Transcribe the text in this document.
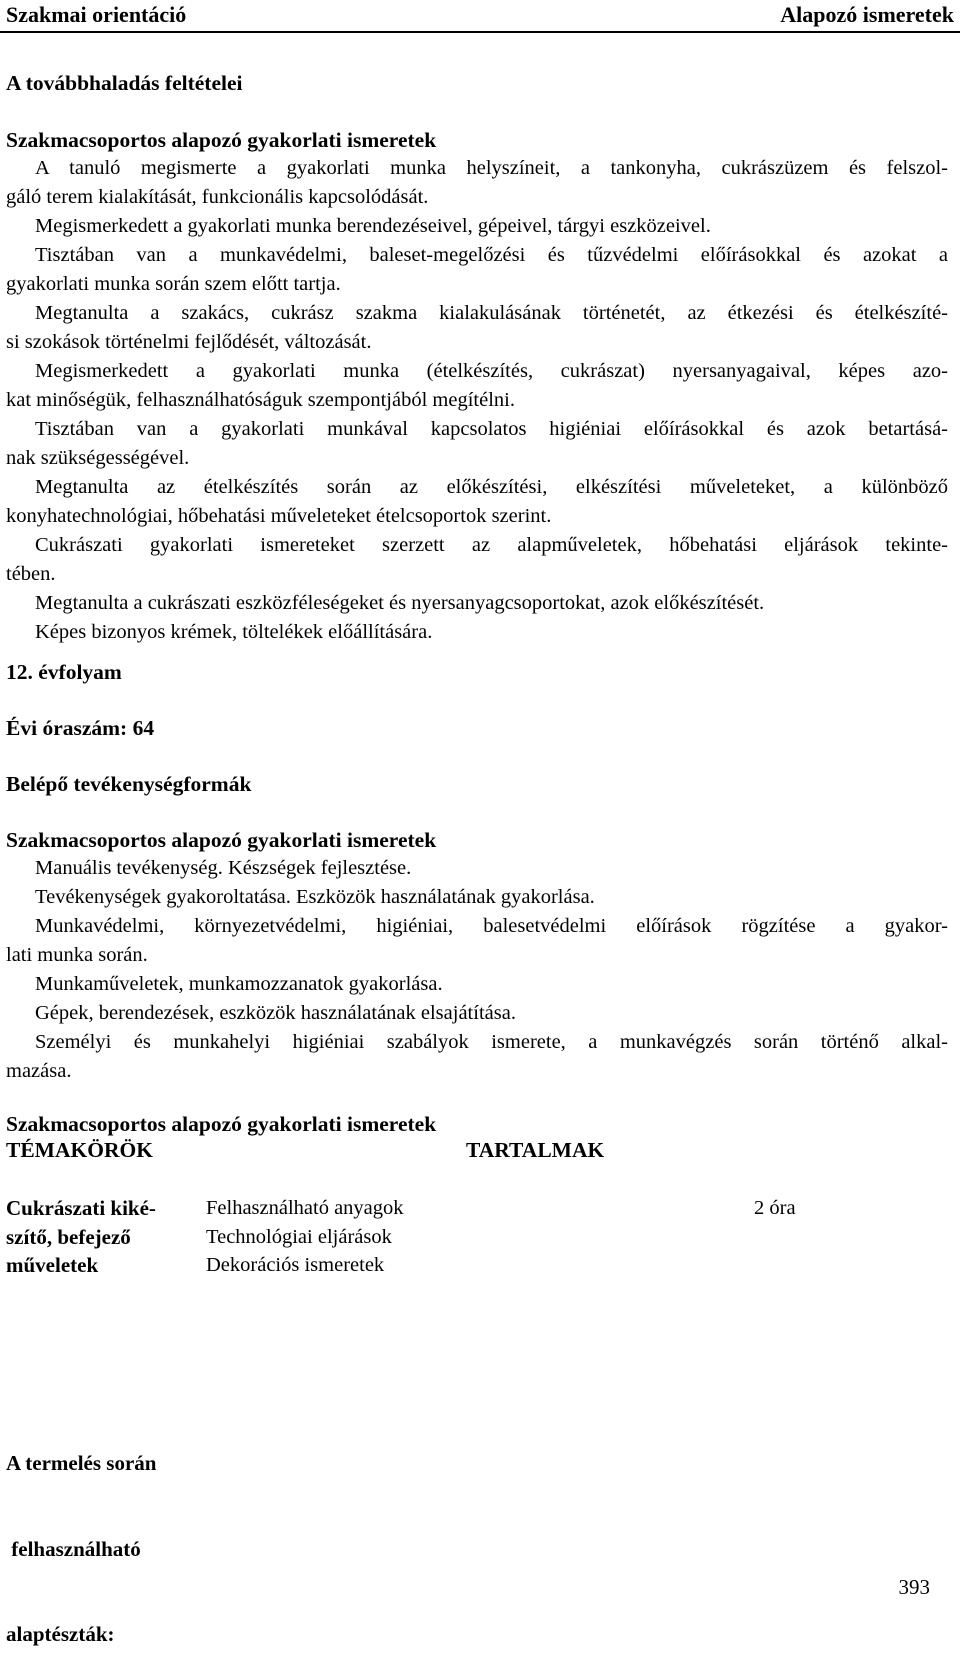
Szakmai orientáció	Alapozó ismeretek
A továbbhaladás feltételei
Szakmacsoportos alapozó gyakorlati ismeretek
A tanuló megismerte a gyakorlati munka helyszíneit, a tankonyha, cukrászüzem és felszol-
gáló terem kialakítását, funkcionális kapcsolódását.
Megismerkedett a gyakorlati munka berendezéseivel, gépeivel, tárgyi eszközeivel.
Tisztában van a munkavédelmi, baleset-megelőzési és tűzvédelmi előírásokkal és azokat a
gyakorlati munka során szem előtt tartja.
Megtanulta a szakács, cukrász szakma kialakulásának történetét, az étkezési és ételkészíté-
si szokások történelmi fejlődését, változását.
Megismerkedett a gyakorlati munka (ételkészítés, cukrászat) nyersanyagaival, képes azo-
kat minőségük, felhasználhatóságuk szempontjából megítélni.
Tisztában van a gyakorlati munkával kapcsolatos higiéniai előírásokkal és azok betartásá-
nak szükségességével.
Megtanulta az ételkészítés során az előkészítési, elkészítési műveleteket, a különböző
konyhatechnológiai, hőbehatási műveleteket ételcsoportok szerint.
Cukrászati gyakorlati ismereteket szerzett az alapműveletek, hőbehatási eljárások tekinte-
tében.
Megtanulta a cukrászati eszközféleségeket és nyersanyagcsoportokat, azok előkészítését.
Képes bizonyos krémek, töltelékek előállítására.
12. évfolyam
Évi óraszám: 64
Belépő tevékenységformák
Szakmacsoportos alapozó gyakorlati ismeretek
Manuális tevékenység. Készségek fejlesztése.
Tevékenységek gyakoroltatása. Eszközök használatának gyakorlása.
Munkavédelmi, környezetvédelmi, higiéniai, balesetvédelmi előírások rögzítése a gyakor-
lati munka során.
Munkaműveletek, munkamozzanatok gyakorlása.
Gépek, berendezések, eszközök használatának elsajátítása.
Személyi és munkahelyi higiéniai szabályok ismerete, a munkavégzés során történő alkal-
mazása.
Szakmacsoportos alapozó gyakorlati ismeretek
TÉMAKÖRÖK	TARTALMAK
Cukrászati kiké-
szítő, befejező
műveletek
Felhasználható anyagok
Technológiai eljárások
Dekorációs ismeretek
2 óra

A termelés során

felhasználható

alaptészták:

393
